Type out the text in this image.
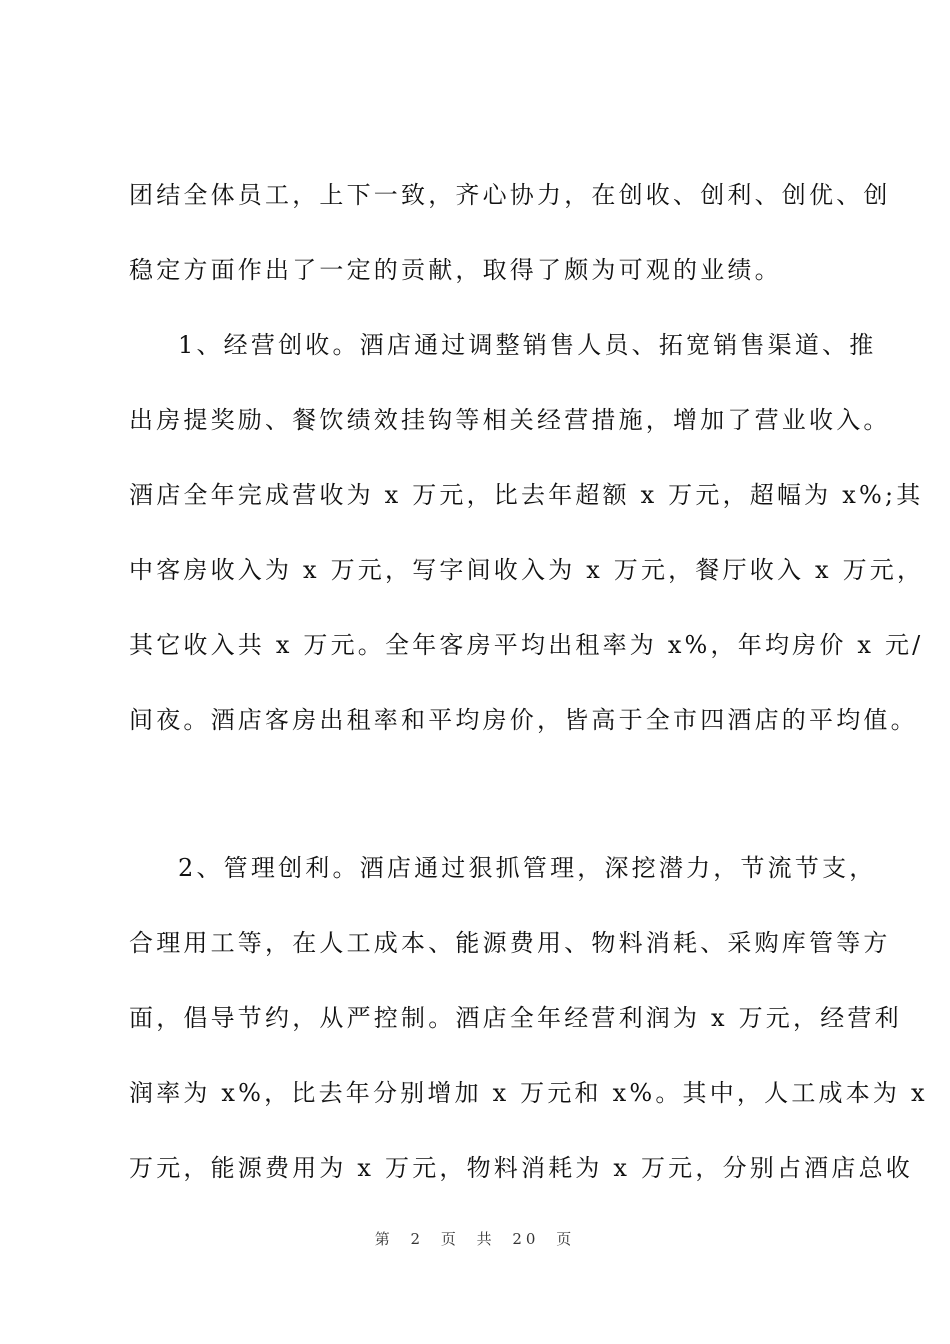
团结全体员工，上下一致，齐心协力，在创收、创利、创优、创
稳定方面作出了一定的贡献，取得了颇为可观的业绩。
1、经营创收。酒店通过调整销售人员、拓宽销售渠道、推
出房提奖励、餐饮绩效挂钩等相关经营措施，增加了营业收入。
酒店全年完成营收为 x 万元，比去年超额 x 万元，超幅为 x%;其
中客房收入为 x 万元，写字间收入为 x 万元，餐厅收入 x 万元，
其它收入共 x 万元。全年客房平均出租率为 x%，年均房价 x 元/
间夜。酒店客房出租率和平均房价，皆高于全市四酒店的平均值。
2、管理创利。酒店通过狠抓管理，深挖潜力，节流节支，
合理用工等，在人工成本、能源费用、物料消耗、采购库管等方
面，倡导节约，从严控制。酒店全年经营利润为 x 万元，经营利
润率为 x%，比去年分别增加 x 万元和 x%。其中，人工成本为 x
万元，能源费用为 x 万元，物料消耗为 x 万元，分别占酒店总收
第 2 页 共 20 页
